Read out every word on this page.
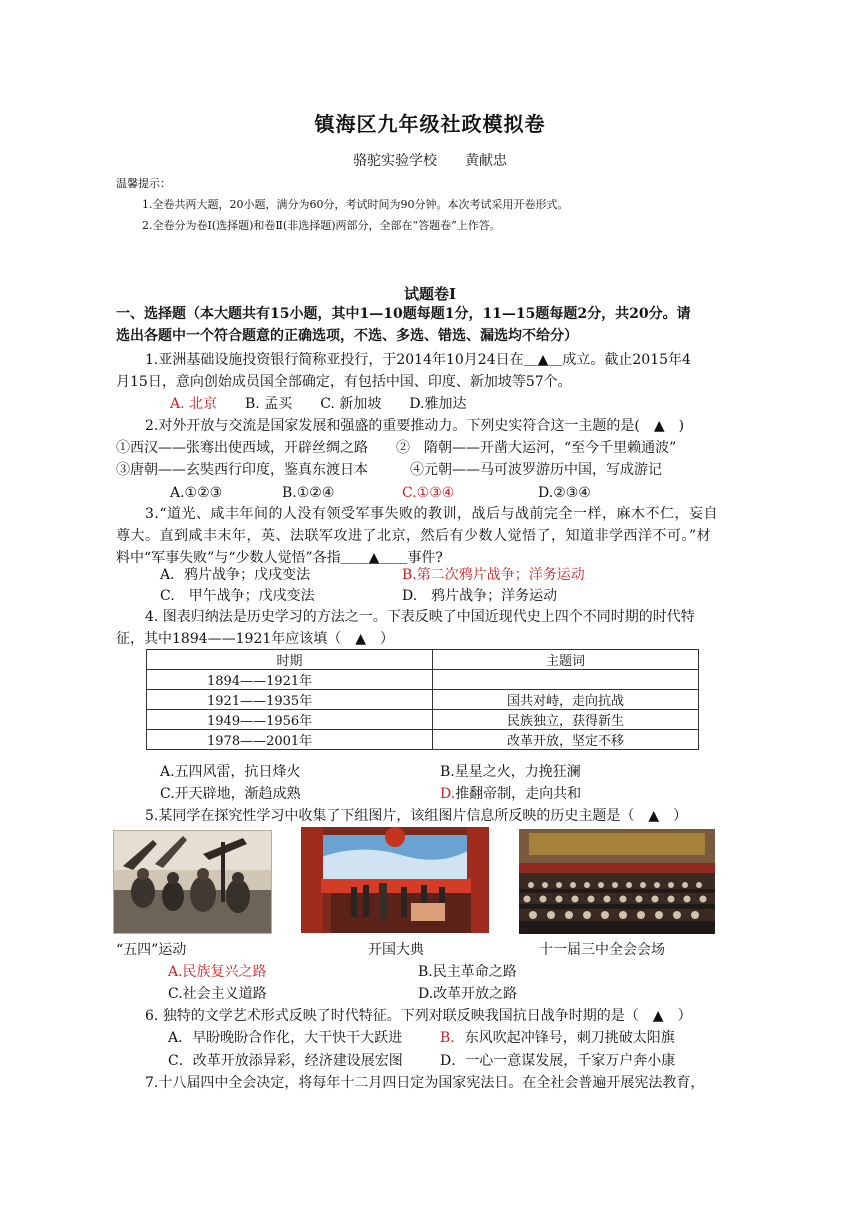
镇海区九年级社政模拟卷
骆驼实验学校　　黄献忠
温馨提示：
1.全卷共两大题，20小题，满分为60分，考试时间为90分钟。本次考试采用开卷形式。
2.全卷分为卷Ⅰ(选择题)和卷Ⅱ(非选择题)两部分，全部在“答题卷”上作答。
试题卷Ⅰ
一、选择题（本大题共有15小题，其中1—10题每题1分，11—15题每题2分，共20分。请
选出各题中一个符合题意的正确选项，不选、多选、错选、漏选均不给分）
1.亚洲基础设施投资银行简称亚投行，于2014年10月24日在＿▲＿成立。截止2015年4
月15日，意向创始成员国全部确定，有包括中国、印度、新加坡等57个。
A. 北京　　B. 孟买　　C. 新加坡　　D.雅加达
2.对外开放与交流是国家发展和强盛的重要推动力。下列史实符合这一主题的是(　▲　)
①西汉——张骞出使西域，开辟丝绸之路　　②　隋朝——开凿大运河，“至今千里赖通波”
③唐朝——玄奘西行印度，鉴真东渡日本　　　④元朝——马可波罗游历中国，写成游记
A.①②③	B.①②④	C.①③④	D.②③④
3.“道光、咸丰年间的人没有领受军事失败的教训，战后与战前完全一样，麻木不仁，妄自
尊大。直到咸丰末年，英、法联军攻进了北京，然后有少数人觉悟了，知道非学西洋不可。”材
料中“军事失败”与“少数人觉悟”各指＿＿▲＿＿事件?
A．鸦片战争；戊戌变法	B.第二次鸦片战争；洋务运动
C.　甲午战争；戊戌变法	D.　鸦片战争；洋务运动
4. 图表归纳法是历史学习的方法之一。下表反映了中国近现代史上四个不同时期的时代特
征，其中1894——1921年应该填（　▲　）
时期	主题词
1894——1921年	
1921——1935年	国共对峙，走向抗战
1949——1956年	民族独立，获得新生
1978——2001年	改革开放，坚定不移
A.五四风雷，抗日烽火	B.星星之火，力挽狂澜
C.开天辟地，渐趋成熟	D.推翻帝制，走向共和
5.某同学在探究性学习中收集了下组图片，该组图片信息所反映的历史主题是（　▲　）
“五四”运动	开国大典	十一届三中全会会场
A.民族复兴之路	B.民主革命之路
C.社会主义道路	D.改革开放之路
6. 独特的文学艺术形式反映了时代特征。下列对联反映我国抗日战争时期的是（　▲　）
A．早盼晚盼合作化，大干快干大跃进	B. 东风吹起冲锋号，刺刀挑破太阳旗
C．改革开放添异彩，经济建设展宏图	D．一心一意谋发展，千家万户奔小康
7.十八届四中全会决定，将每年十二月四日定为国家宪法日。在全社会普遍开展宪法教育，
